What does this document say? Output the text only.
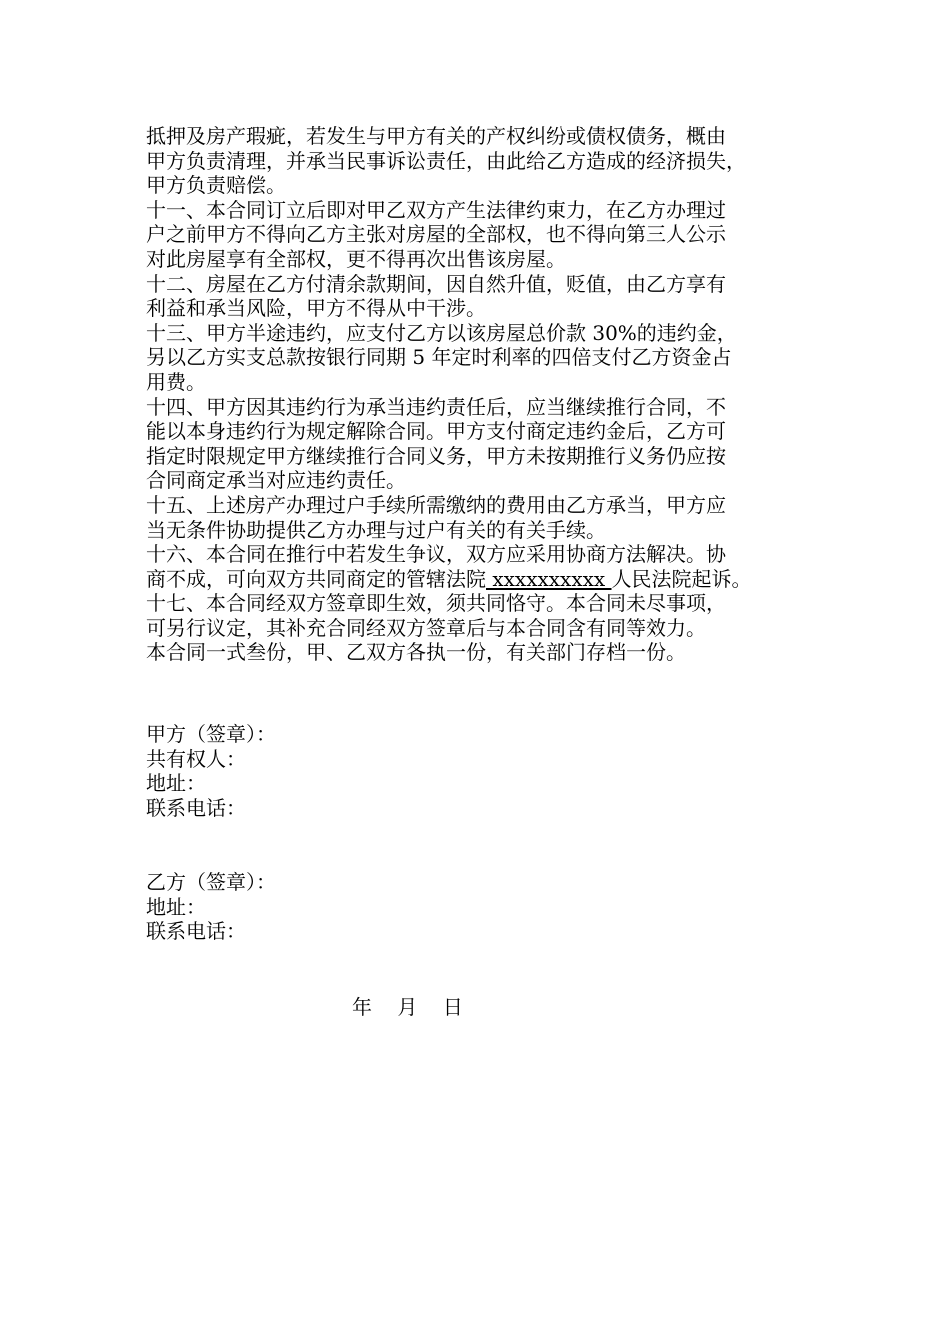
抵押及房产瑕疵，若发生与甲方有关的产权纠纷或债权债务，概由

甲方负责清理，并承当民事诉讼责任，由此给乙方造成的经济损失，

甲方负责赔偿。

十一、本合同订立后即对甲乙双方产生法律约束力，在乙方办理过

户之前甲方不得向乙方主张对房屋的全部权，也不得向第三人公示

对此房屋享有全部权，更不得再次出售该房屋。

十二、房屋在乙方付清余款期间，因自然升值，贬值，由乙方享有

利益和承当风险，甲方不得从中干涉。

十三、甲方半途违约，应支付乙方以该房屋总价款 30%的违约金，

另以乙方实支总款按银行同期 5 年定时利率的四倍支付乙方资金占

用费。

十四、甲方因其违约行为承当违约责任后，应当继续推行合同，不

能以本身违约行为规定解除合同。甲方支付商定违约金后，乙方可

指定时限规定甲方继续推行合同义务，甲方未按期推行义务仍应按

合同商定承当对应违约责任。

十五、上述房产办理过户手续所需缴纳的费用由乙方承当，甲方应

当无条件协助提供乙方办理与过户有关的有关手续。

十六、本合同在推行中若发生争议，双方应采用协商方法解决。协

商不成，可向双方共同商定的管辖法院 xxxxxxxxxx 人民法院起诉。

十七、本合同经双方签章即生效，须共同恪守。本合同未尽事项，

可另行议定，其补充合同经双方签章后与本合同含有同等效力。

本合同一式叁份，甲、乙双方各执一份，有关部门存档一份。

甲方（签章）：

共有权人：

地址：

联系电话：

乙方（签章）：

地址：

联系电话：

年    月    日
